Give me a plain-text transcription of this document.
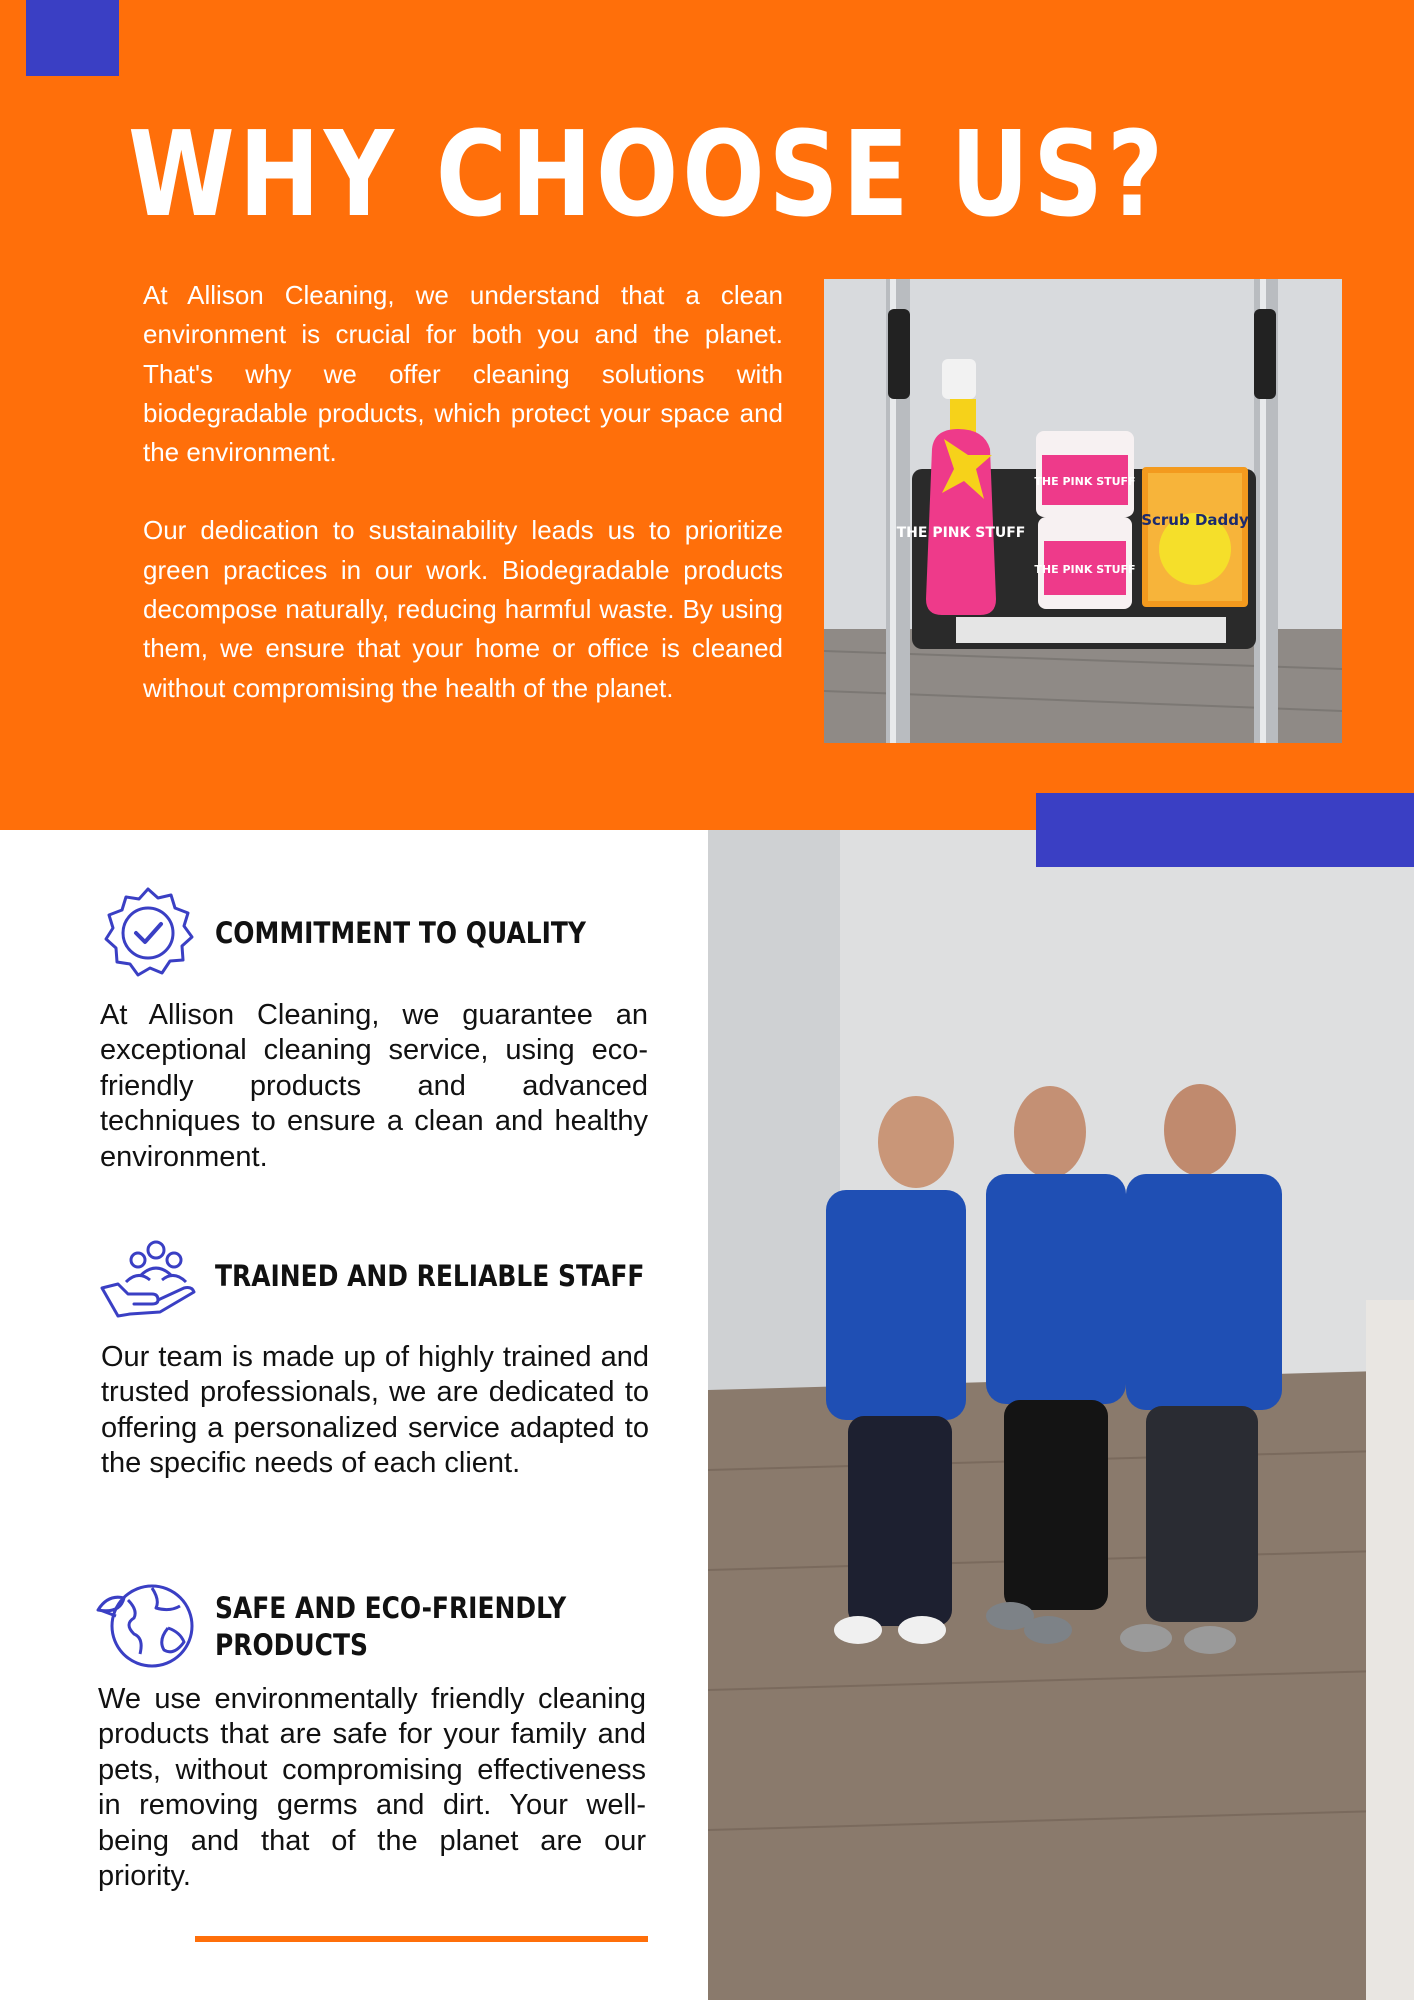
WHY CHOOSE US?

At Allison Cleaning, we understand that a clean environment is crucial for both you and the planet. That's why we offer cleaning solutions with biodegradable products, which protect your space and the environment.

Our dedication to sustainability leads us to prioritize green practices in our work. Biodegradable products decompose naturally, reducing harmful waste. By using them, we ensure that your home or office is cleaned without compromising the health of the planet.

THE PINK STUFF
THE PINK STUFF
THE PINK STUFF
Scrub Daddy
COMMITMENT TO QUALITY
At Allison Cleaning, we guarantee an exceptional cleaning service, using eco-friendly products and advanced techniques to ensure a clean and healthy environment.
TRAINED AND RELIABLE STAFF
Our team is made up of highly trained and trusted professionals, we are dedicated to offering a personalized service adapted to the specific needs of each client.
SAFE AND ECO-FRIENDLY
PRODUCTS
We use environmentally friendly cleaning products that are safe for your family and pets, without compromising effectiveness in removing germs and dirt. Your well-being and that of the planet are our priority.
